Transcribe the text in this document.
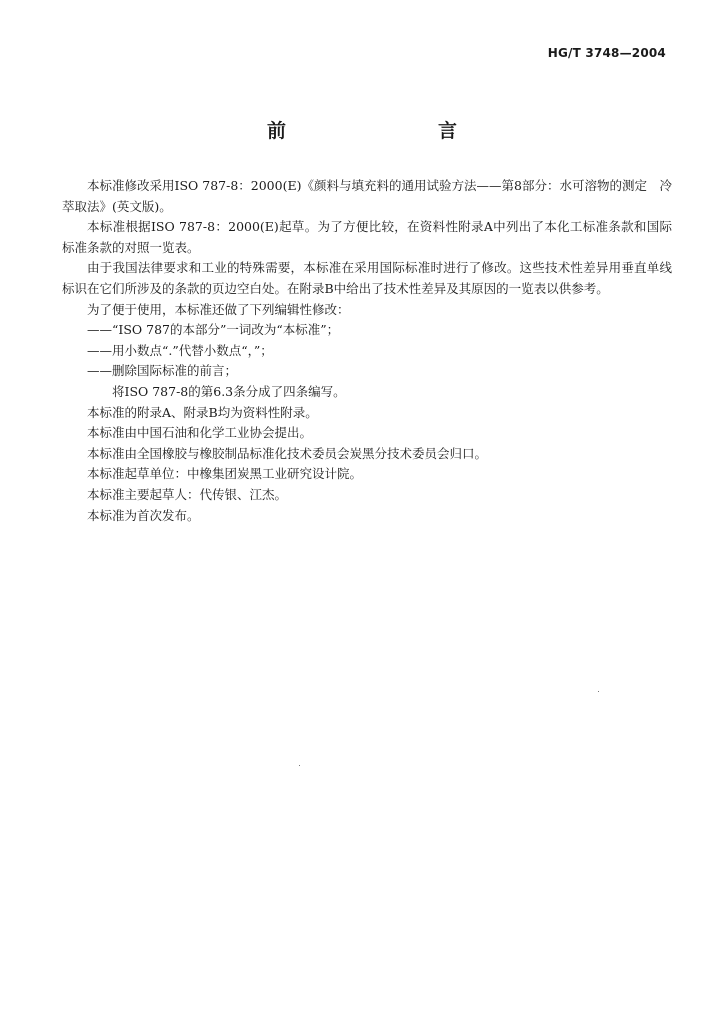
HG/T 3748—2004
前　　言

本标准修改采用ISO 787-8：2000(E)《颜料与填充料的通用试验方法——第8部分：水可溶物的测定　冷萃取法》(英文版)。

本标准根据ISO 787-8：2000(E)起草。为了方便比较，在资料性附录A中列出了本化工标准条款和国际标准条款的对照一览表。

由于我国法律要求和工业的特殊需要，本标准在采用国际标准时进行了修改。这些技术性差异用垂直单线标识在它们所涉及的条款的页边空白处。在附录B中给出了技术性差异及其原因的一览表以供参考。

为了便于使用，本标准还做了下列编辑性修改：

——“ISO 787的本部分”一词改为“本标准”；

——用小数点“.”代替小数点“，”；

——删除国际标准的前言；

将ISO 787-8的第6.3条分成了四条编写。

本标准的附录A、附录B均为资料性附录。

本标准由中国石油和化学工业协会提出。

本标准由全国橡胶与橡胶制品标准化技术委员会炭黑分技术委员会归口。

本标准起草单位：中橡集团炭黑工业研究设计院。

本标准主要起草人：代传银、江杰。

本标准为首次发布。
